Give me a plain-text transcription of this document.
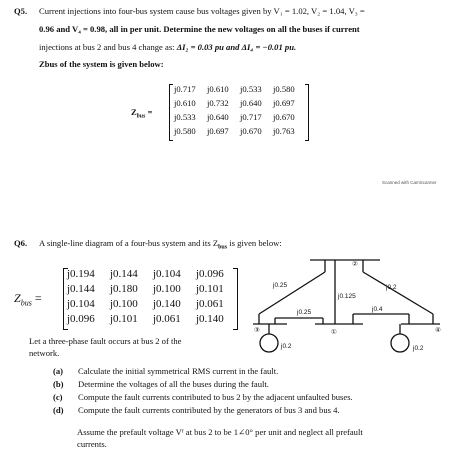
Q5. Current injections into four-bus system cause bus voltages given by V₁ = 1.02, V₂ = 1.04, V₃ =
0.96 and V₄ = 0.98, all in per unit. Determine the new voltages on all the buses if current
injections at bus 2 and bus 4 change as: ΔI₂ = 0.03 pu and ΔI₄ = −0.01 pu.
Zbus of the system is given below:
$Z_{bus}$ =
j0.717	j0.610	j0.533	j0.580
j0.610	j0.732	j0.640	j0.697
j0.533	j0.640	j0.717	j0.670
j0.580	j0.697	j0.670	j0.763
Scanned with CamScanner
Q6. A single-line diagram of a four-bus system and its $Z_{bus}$ is given below:
$Z_{bus}$ =
j0.194	j0.144	j0.104	j0.096
j0.144	j0.180	j0.100	j0.101
j0.104	j0.100	j0.140	j0.061
j0.096	j0.101	j0.061	j0.140
Let a three-phase fault occurs at bus 2 of the
network.
(a) Calculate the initial symmetrical RMS current in the fault.
(b) Determine the voltages of all the buses during the fault.
(c) Compute the fault currents contributed to bus 2 by the adjacent unfaulted buses.
(d) Compute the fault currents contributed by the generators of bus 3 and bus 4.
Assume the prefault voltage Vᶠ at bus 2 to be 1∠0° per unit and neglect all prefault
currents.
②
③	①	④
j0.25	j0.2
j0.125
j0.25	j0.4
j0.2	j0.2
